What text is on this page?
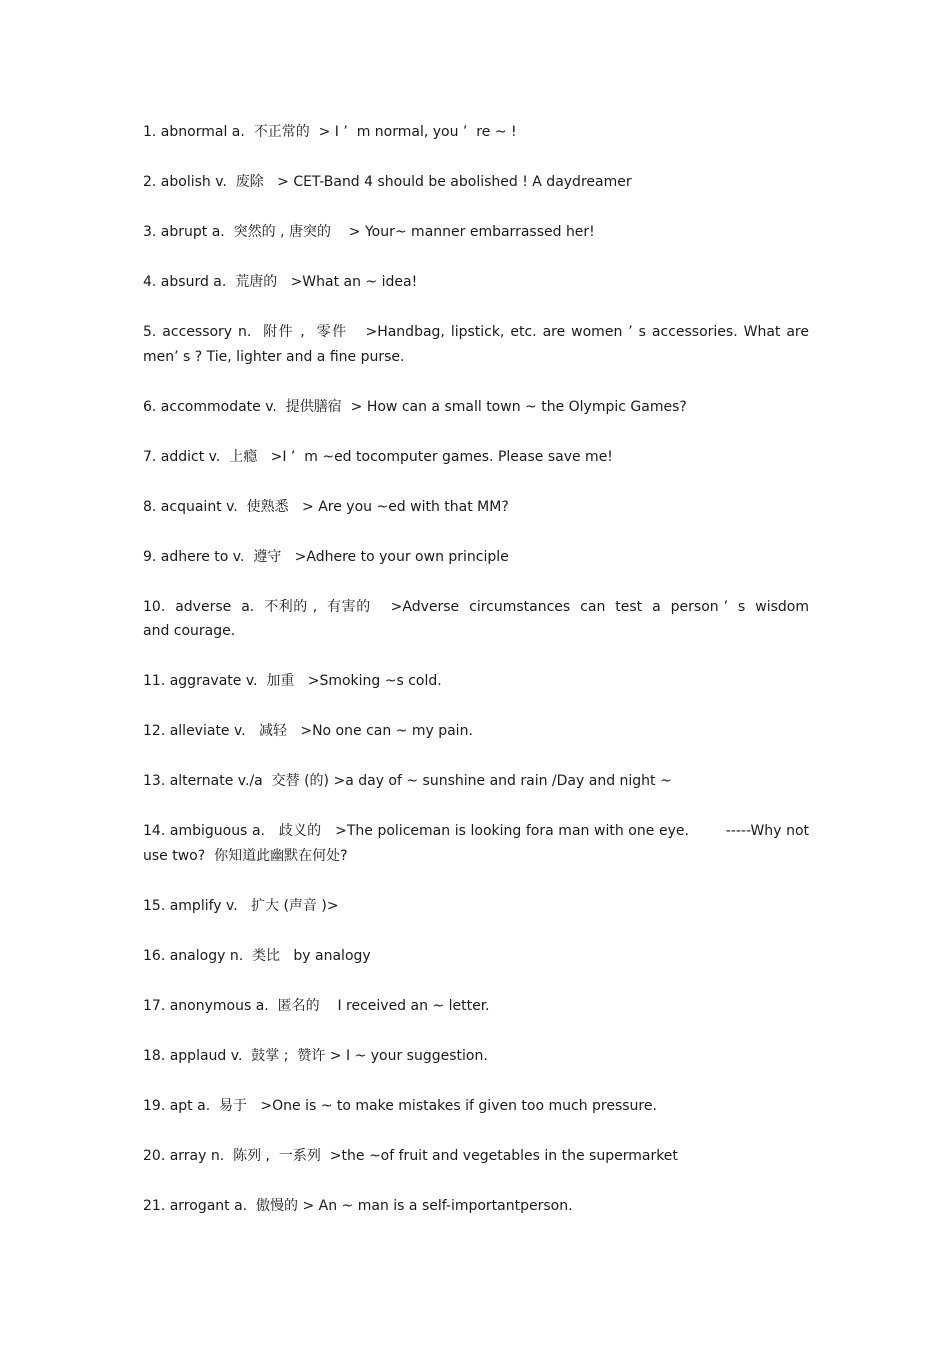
1. abnormal a.  不正常的  > I ’  m normal, you ’  re ~ !

2. abolish v.  废除   > CET-Band 4 should be abolished ! A daydreamer

3. abrupt a.  突然的 , 唐突的    > Your~ manner embarrassed her!

4. absurd a.  荒唐的   >What an ~ idea!

5. accessory n.  附件 ,  零件   >Handbag, lipstick, etc. are women ’ s accessories. What are men’ s ? Tie, lighter and a fine purse.

6. accommodate v.  提供膳宿  > How can a small town ~ the Olympic Games?

7. addict v.  上瘾   >I ’  m ~ed tocomputer games. Please save me!

8. acquaint v.  使熟悉   > Are you ~ed with that MM?

9. adhere to v.  遵守   >Adhere to your own principle

10.  adverse  a.  不利的 ,  有害的    >Adverse  circumstances  can  test  a  person ’  s  wisdom   and courage.

11. aggravate v.  加重   >Smoking ~s cold.

12. alleviate v.   减轻   >No one can ~ my pain.

13. alternate v./a  交替 (的) >a day of ~ sunshine and rain /Day and night ~

14. ambiguous a.   歧义的   >The policeman is looking fora man with one eye.        -----Why not use two?  你知道此幽默在何处?

15. amplify v.   扩大 (声音 )>

16. analogy n.  类比   by analogy

17. anonymous a.  匿名的    I received an ~ letter.

18. applaud v.  鼓掌 ;  赞许 > I ~ your suggestion.

19. apt a.  易于   >One is ~ to make mistakes if given too much pressure.

20. array n.  陈列 ,  一系列  >the ~of fruit and vegetables in the supermarket

21. arrogant a.  傲慢的 > An ~ man is a self-importantperson.
